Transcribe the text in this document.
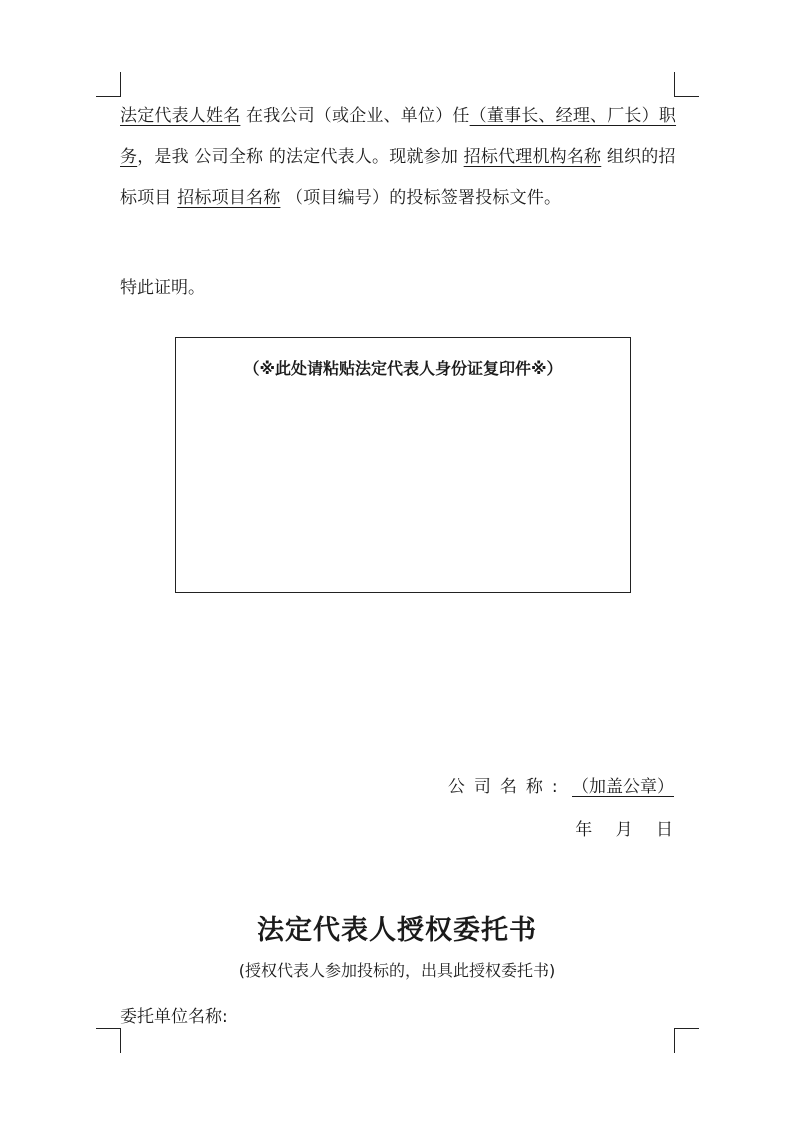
法定代表人姓名 在我公司（或企业、单位）任（董事长、经理、厂长）职务，是我 公司全称 的法定代表人。现就参加 招标代理机构名称 组织的招标项目 招标项目名称 （项目编号）的投标签署投标文件。
特此证明。
（※此处请粘贴法定代表人身份证复印件※）
公司名称: （加盖公章）
年 月 日
法定代表人授权委托书
(授权代表人参加投标的，出具此授权委托书)
委托单位名称:
